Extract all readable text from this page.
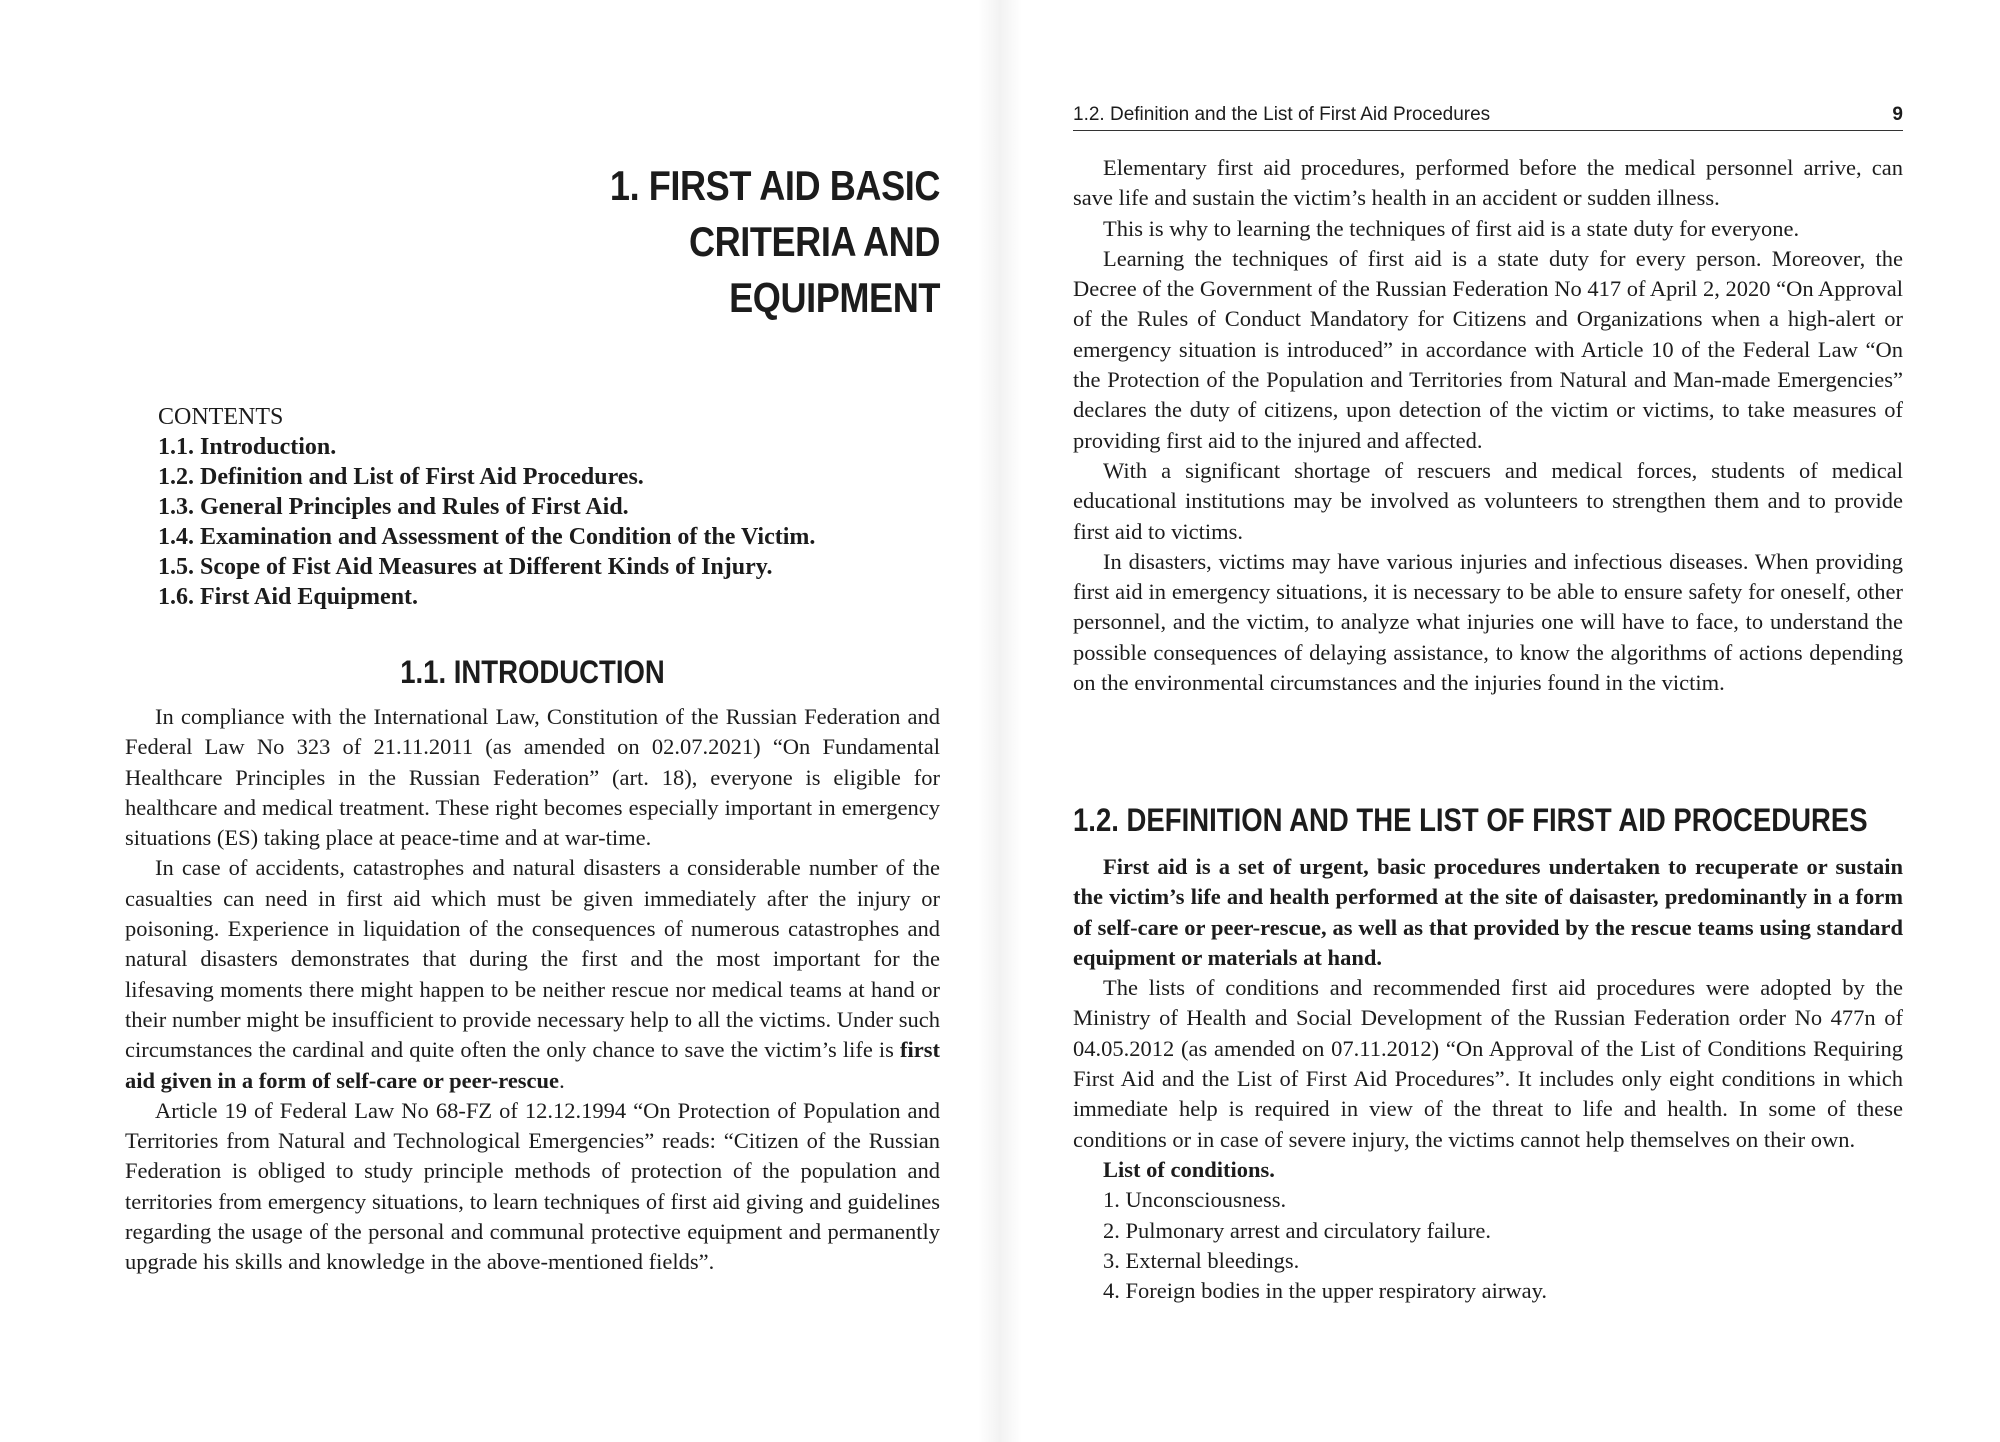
1. FIRST AID BASIC
CRITERIA AND EQUIPMENT
CONTENTS
1.1. Introduction.
1.2. Definition and List of First Aid Procedures.
1.3. General Principles and Rules of First Aid.
1.4. Examination and Assessment of the Condition of the Victim.
1.5. Scope of Fist Aid Measures at Different Kinds of Injury.
1.6. First Aid Equipment.
1.1. INTRODUCTION

In compliance with the International Law, Constitution of the Russian Federation and Federal Law No 323 of 21.11.2011 (as amended on 02.07.2021) “On Fundamental Healthcare Principles in the Russian Federation” (art. 18), everyone is eligible for healthcare and medical treatment. These right becomes especially important in emergency situations (ES) taking place at peace-time and at war-time.

In case of accidents, catastrophes and natural disasters a considerable number of the casualties can need in first aid which must be given immediately after the injury or poisoning. Experience in liquidation of the consequences of numerous catastrophes and natural disasters demonstrates that during the first and the most important for the lifesaving moments there might happen to be neither rescue nor medical teams at hand or their number might be insufficient to provide necessary help to all the victims. Under such circumstances the cardinal and quite often the only chance to save the victim’s life is first aid given in a form of self-care or peer-rescue.

Article 19 of Federal Law No 68-FZ of 12.12.1994 “On Protection of Population and Territories from Natural and Technological Emergencies” reads: “Citizen of the Russian Federation is obliged to study principle methods of protection of the population and territories from emergency situations, to learn techniques of first aid giving and guidelines regarding the usage of the personal and communal protective equipment and permanently upgrade his skills and knowledge in the above-mentioned fields”.

1.2. Definition and the List of First Aid Procedures	9

Elementary first aid procedures, performed before the medical personnel arrive, can save life and sustain the victim’s health in an accident or sudden illness.

This is why to learning the techniques of first aid is a state duty for everyone.

Learning the techniques of first aid is a state duty for every person. Moreover, the Decree of the Government of the Russian Federation No 417 of April 2, 2020 “On Approval of the Rules of Conduct Mandatory for Citizens and Organizations when a high-alert or emergency situation is introduced” in accordance with Article 10 of the Federal Law “On the Protection of the Population and Territories from Natural and Man-made Emergencies” declares the duty of citizens, upon detection of the victim or victims, to take measures of providing first aid to the injured and affected.

With a significant shortage of rescuers and medical forces, students of medical educational institutions may be involved as volunteers to strengthen them and to provide first aid to victims.

In disasters, victims may have various injuries and infectious diseases. When providing first aid in emergency situations, it is necessary to be able to ensure safety for oneself, other personnel, and the victim, to analyze what injuries one will have to face, to understand the possible consequences of delaying assistance, to know the algorithms of actions depending on the environmental circumstances and the injuries found in the victim.

1.2. DEFINITION AND THE LIST OF FIRST AID PROCEDURES

First aid is a set of urgent, basic procedures undertaken to recuperate or sustain the victim’s life and health performed at the site of daisaster, predominantly in a form of self-care or peer-rescue, as well as that provided by the rescue teams using standard equipment or materials at hand.

The lists of conditions and recommended first aid procedures were adopted by the Ministry of Health and Social Development of the Russian Federation order No 477n of 04.05.2012 (as amended on 07.11.2012) “On Approval of the List of Conditions Requiring First Aid and the List of First Aid Procedures”. It includes only eight conditions in which immediate help is required in view of the threat to life and health. In some of these conditions or in case of severe injury, the victims cannot help themselves on their own.

List of conditions.

1. Unconsciousness.

2. Pulmonary arrest and circulatory failure.

3. External bleedings.

4. Foreign bodies in the upper respiratory airway.
